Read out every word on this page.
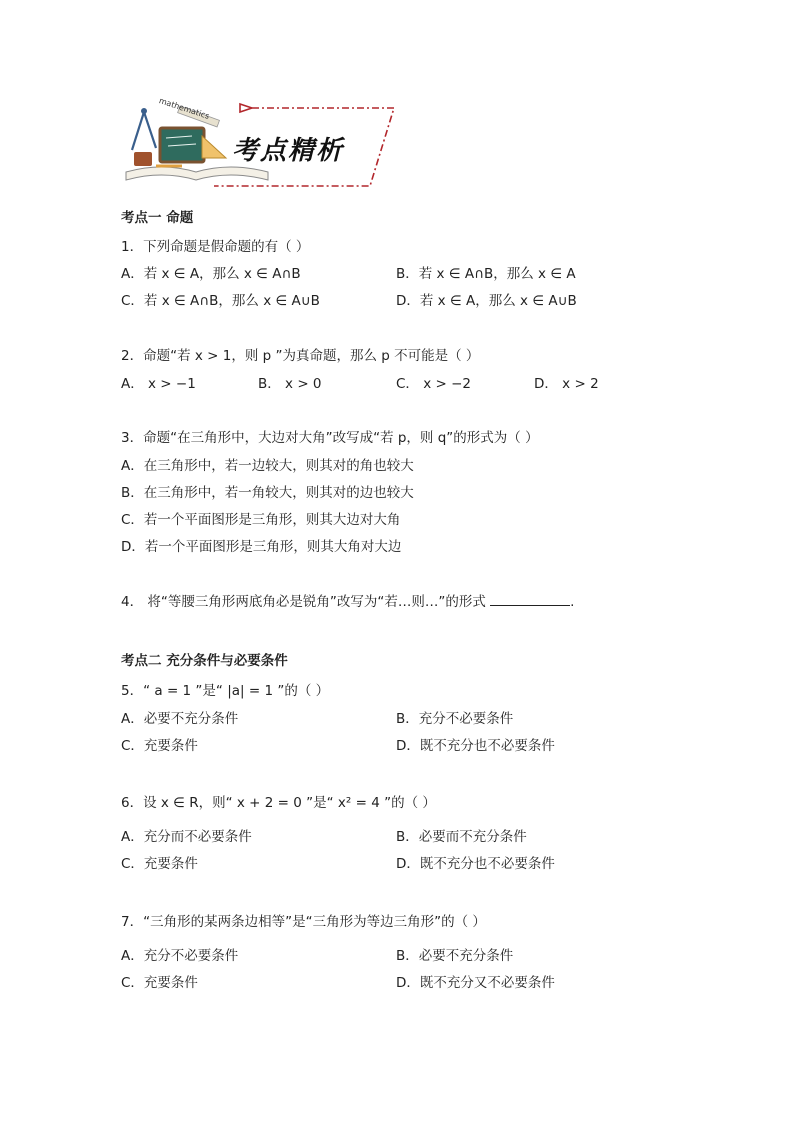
mathematics
考点精析
考点一 命题
1．下列命题是假命题的有（ ）
A．若 x ∈ A，那么 x ∈ A∩B	B．若 x ∈ A∩B，那么 x ∈ A
C．若 x ∈ A∩B，那么 x ∈ A∪B	D．若 x ∈ A，那么 x ∈ A∪B
2．命题“若 x > 1，则 p ”为真命题，那么 p 不可能是（ ）
A． x > −1	B． x > 0	C． x > −2	D． x > 2
3．命题“在三角形中，大边对大角”改写成“若 p，则 q”的形式为（ ）
A．在三角形中，若一边较大，则其对的角也较大
B．在三角形中，若一角较大，则其对的边也较大
C．若一个平面图形是三角形，则其大边对大角
D．若一个平面图形是三角形，则其大角对大边
4． 将“等腰三角形两底角必是锐角”改写为“若…则…”的形式	.
考点二 充分条件与必要条件
5．“ a = 1 ”是“ |a| = 1 ”的（ ）
A．必要不充分条件	B．充分不必要条件
C．充要条件	D．既不充分也不必要条件
6．设 x ∈ R，则“ x + 2 = 0 ”是“ x² = 4 ”的（ ）
A．充分而不必要条件	B．必要而不充分条件
C．充要条件	D．既不充分也不必要条件
7．“三角形的某两条边相等”是“三角形为等边三角形”的（ ）
A．充分不必要条件	B．必要不充分条件
C．充要条件	D．既不充分又不必要条件
